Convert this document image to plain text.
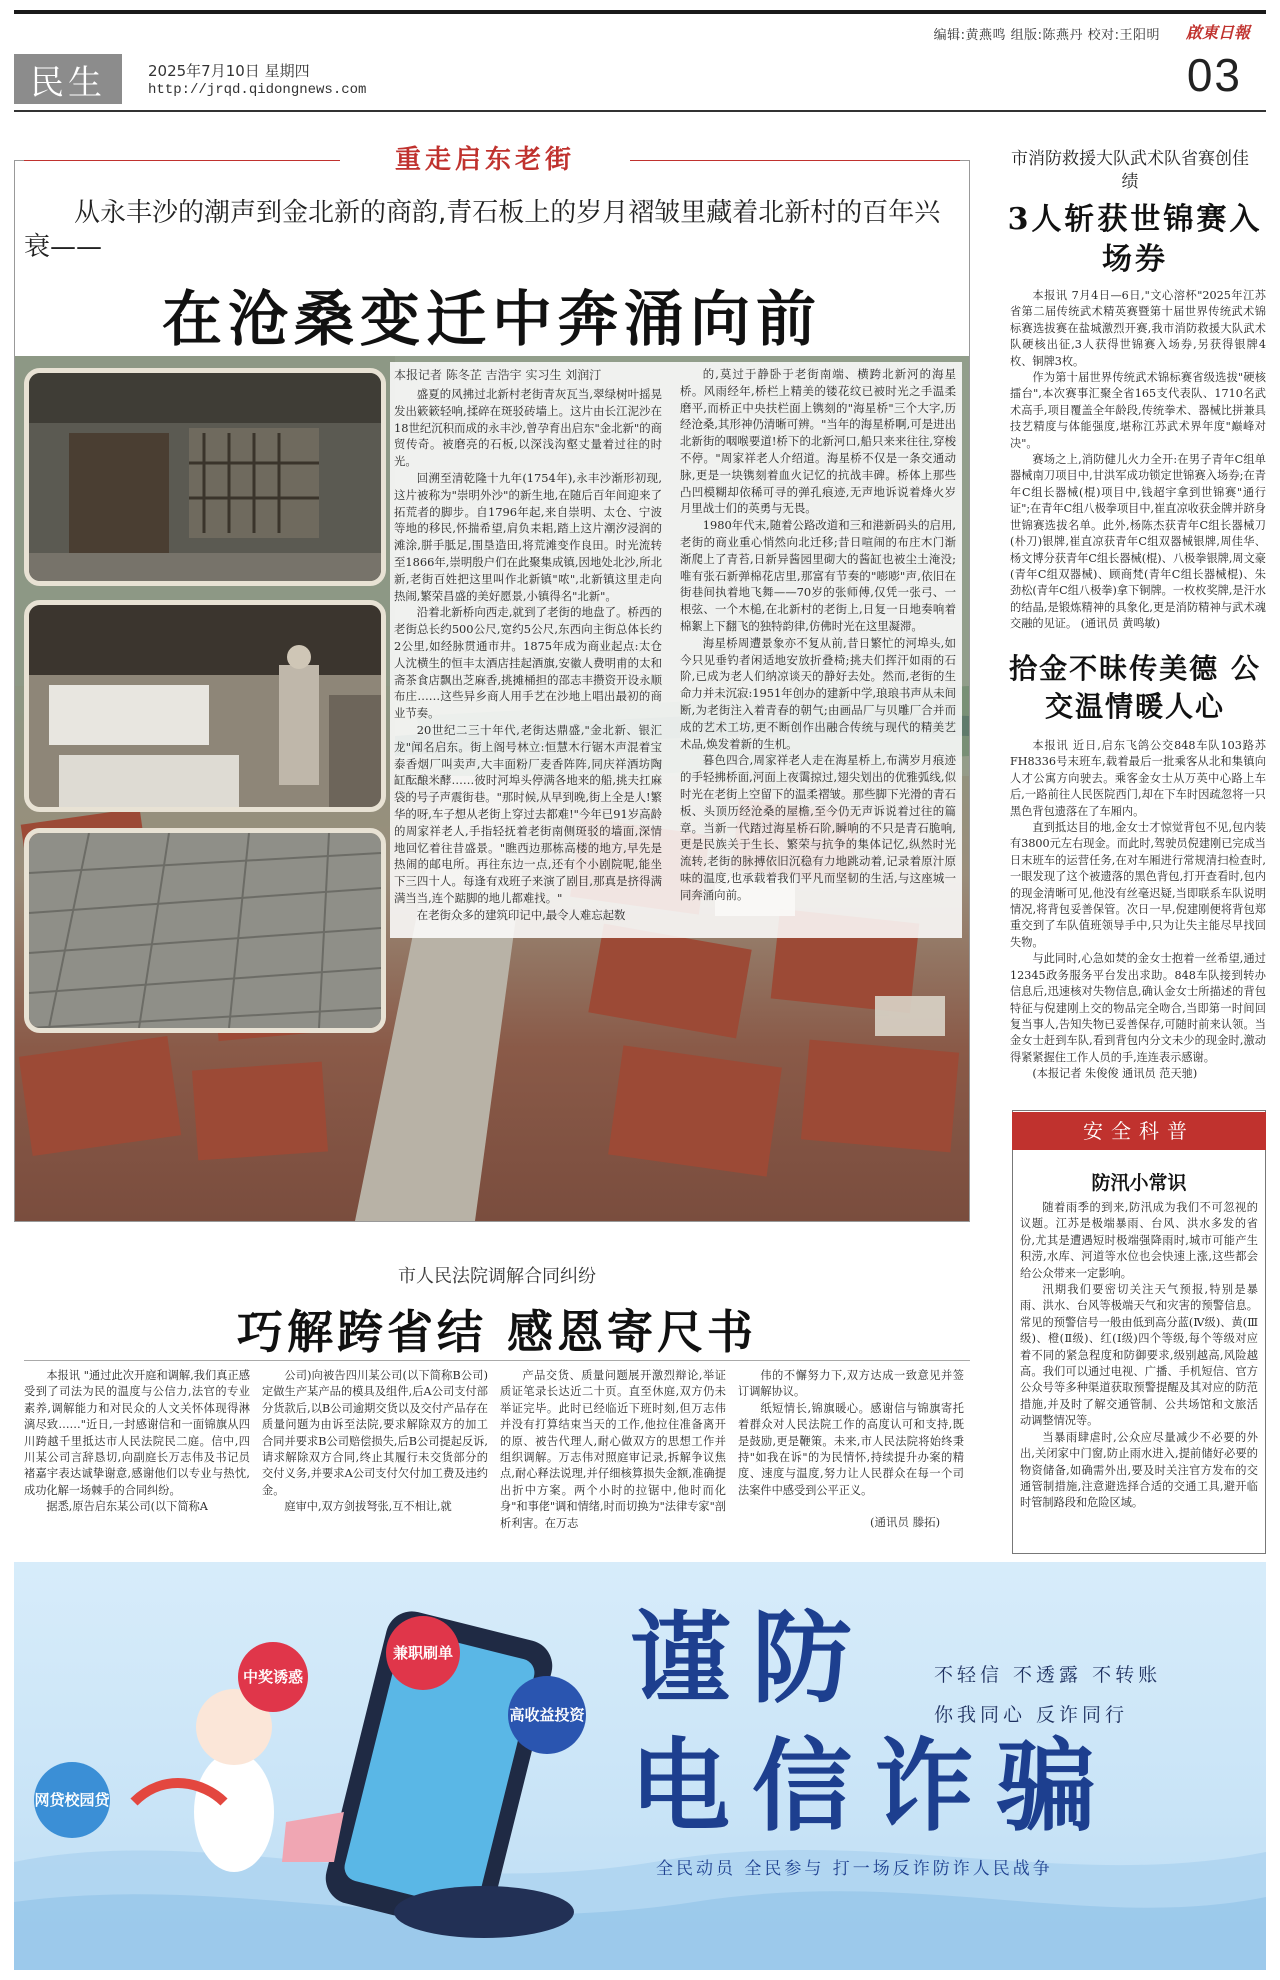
编辑:黄燕鸣 组版:陈燕丹 校对:王阳明 啟東日報
民生	2025年7月10日 星期四
http://jrqd.qidongnews.com	03
重走启东老街
从永丰沙的潮声到金北新的商韵,青石板上的岁月褶皱里藏着北新村的百年兴衰——
在沧桑变迁中奔涌向前
本报记者 陈冬芷 吉浩宇 实习生 刘润汀

盛夏的风拂过北新村老街青灰瓦当,翠绿树叶摇晃发出簌簌轻响,揉碎在斑驳砖墙上。这片由长江泥沙在18世纪沉积而成的永丰沙,曾孕育出启东"金北新"的商贸传奇。被磨亮的石板,以深浅沟壑丈量着过往的时光。

回溯至清乾隆十九年(1754年),永丰沙渐形初现,这片被称为"崇明外沙"的新生地,在随后百年间迎来了拓荒者的脚步。自1796年起,来自崇明、太仓、宁波等地的移民,怀揣希望,肩负耒耜,踏上这片潮汐浸润的滩涂,胼手胝足,围垦造田,将荒滩变作良田。时光流转至1866年,崇明殷户们在此聚集成镇,因地处北沙,所北新,老街百姓把这里叫作北新镇"哝",北新镇这里走向热闹,繁荣昌盛的美好愿景,小镇得名"北新"。

沿着北新桥向西走,就到了老街的地盘了。桥西的老街总长约500公尺,宽约5公尺,东西向主街总体长约2公里,如经脉贯通市井。1875年成为商业起点:太仓人沈横生的恒丰太酒店挂起酒旗,安徽人费明甫的太和斋茶食店飘出芝麻香,挑摊桶担的邵志丰攒资开设永顺布庄……这些异乡商人用手艺在沙地上唱出最初的商业节奏。

20世纪二三十年代,老街达鼎盛,"金北新、银汇龙"闻名启东。街上阁号林立:恒慧木行锯木声混着宝泰香烟厂叫卖声,大丰面粉厂麦香阵阵,同庆祥酒坊陶缸酝酿米酵……彼时河埠头停满各地来的船,挑夫扛麻袋的号子声震街巷。"那时候,从早到晚,街上全是人!繁华的呀,车子想从老街上穿过去都难!"今年已91岁高龄的周家祥老人,手指轻抚着老街南侧斑驳的墙面,深情地回忆着往昔盛景。"瞧西边那栋高楼的地方,早先是热闹的邮电所。再往东边一点,还有个小剧院呢,能坐下三四十人。每逢有戏班子来演了剧目,那真是挤得满满当当,连个踮脚的地儿都难找。"

在老街众多的建筑印记中,最令人难忘起数

的,莫过于静卧于老街南端、横跨北新河的海星桥。风雨经年,桥栏上精美的镂花纹已被时光之手温柔磨平,而桥正中央扶栏面上镌刻的"海星桥"三个大字,历经沧桑,其形神仍清晰可辨。"当年的海星桥啊,可是进出北新街的咽喉要道!桥下的北新河口,船只来来往往,穿梭不停。"周家祥老人介绍道。海星桥不仅是一条交通动脉,更是一块镌刻着血火记忆的抗战丰碑。桥体上那些凸凹模糊却依稀可寻的弹孔痕迹,无声地诉说着烽火岁月里战士们的英勇与无畏。

1980年代末,随着公路改道和三和港新码头的启用,老街的商业重心悄然向北迁移;昔日喧闹的布庄木门渐渐爬上了青苔,日新异酱园里砌大的酱缸也被尘土淹没;唯有张石新弹棉花店里,那富有节奏的"嘭嘭"声,依旧在街巷间执着地飞舞——70岁的张师傅,仅凭一张弓、一根弦、一个木槌,在北新村的老街上,日复一日地奏响着棉絮上下翻飞的独特韵律,仿佛时光在这里凝滞。

海星桥周遭景象亦不复从前,昔日繁忙的河埠头,如今只见垂钓者闲适地安放折叠椅;挑夫们挥汗如雨的石阶,已成为老人们纳凉谈天的静好去处。然而,老街的生命力并未沉寂:1951年创办的建新中学,琅琅书声从未间断,为老街注入着青春的朝气;由画品厂与贝雕厂合并而成的艺术工坊,更不断创作出融合传统与现代的精美艺术品,焕发着新的生机。

暮色四合,周家祥老人走在海星桥上,布满岁月痕迹的手轻拂桥面,河面上夜霭掠过,翅尖划出的优雅弧线,似时光在老街上空留下的温柔褶皱。那些脚下光滑的青石板、头顶历经沧桑的屋檐,至今仍无声诉说着过往的篇章。当新一代踏过海星桥石阶,瞬响的不只是青石脆响,更是民族关于生长、繁荣与抗争的集体记忆,纵然时光流转,老街的脉搏依旧沉稳有力地跳动着,记录着原汁原味的温度,也承载着我们平凡而坚韧的生活,与这座城一同奔涌向前。

市消防救援大队武术队省赛创佳绩
3人斩获世锦赛入场券

本报讯 7月4日—6日,"文心溶杯"2025年江苏省第二届传统武术精英赛暨第十届世界传统武术锦标赛选拔赛在盐城激烈开赛,我市消防救援大队武术队硬核出征,3人获得世锦赛入场券,另获得银牌4枚、铜牌3枚。

作为第十届世界传统武术锦标赛省级选拔"硬核擂台",本次赛事汇聚全省165支代表队、1710名武术高手,项目覆盖全年龄段,传统拳术、器械比拼兼具技艺精度与体能强度,堪称江苏武术界年度"巅峰对决"。

赛场之上,消防健儿火力全开:在男子青年C组单器械南刀项目中,甘洪军成功锁定世锦赛入场券;在青年C组长器械(棍)项目中,钱超宇拿到世锦赛"通行证";在青年C组八极拳项目中,崔直凉收获金牌并跻身世锦赛选拔名单。此外,杨陈杰获青年C组长器械刀(朴刀)银牌,崔直凉获青年C组双器械银牌,周佳华、杨文博分获青年C组长器械(棍)、八极拳银牌,周文豪(青年C组双器械)、顾商梵(青年C组长器械棍)、朱劲松(青年C组八极拳)拿下铜牌。一枚枚奖牌,是汗水的结晶,是锻炼精神的具象化,更是消防精神与武术魂交融的见证。 (通讯员 黄鸣敏)

拾金不昧传美德 公交温情暖人心

本报讯 近日,启东飞鸽公交848车队103路苏FH8336号末班车,载着最后一批乘客从北和集镇向人才公寓方向驶去。乘客金女士从万英中心路上车后,一路前往人民医院西门,却在下车时因疏忽将一只黑色背包遗落在了车厢内。

直到抵达目的地,金女士才惊觉背包不见,包内装有3800元左右现金。而此时,驾驶员倪建刚已完成当日末班车的运营任务,在对车厢进行常规清扫检查时,一眼发现了这个被遗落的黑色背包,打开查看时,包内的现金清晰可见,他没有丝毫迟疑,当即联系车队说明情况,将背包妥善保管。次日一早,倪建刚便将背包郑重交到了车队值班领导手中,只为让失主能尽早找回失物。

与此同时,心急如焚的金女士抱着一丝希望,通过12345政务服务平台发出求助。848车队接到转办信息后,迅速核对失物信息,确认金女士所描述的背包特征与倪建刚上交的物品完全吻合,当即第一时间回复当事人,告知失物已妥善保存,可随时前来认领。当金女士赶到车队,看到背包内分文未少的现金时,激动得紧紧握住工作人员的手,连连表示感谢。

(本报记者 朱俊俊 通讯员 范天驰)

安全科普
防汛小常识

随着雨季的到来,防汛成为我们不可忽视的议题。江苏是极端暴雨、台风、洪水多发的省份,尤其是遭遇短时极端强降雨时,城市可能产生积涝,水库、河道等水位也会快速上涨,这些都会给公众带来一定影响。

汛期我们要密切关注天气预报,特别是暴雨、洪水、台风等极端天气和灾害的预警信息。常见的预警信号一般由低到高分蓝(Ⅳ级)、黄(Ⅲ级)、橙(Ⅱ级)、红(Ⅰ级)四个等级,每个等级对应着不同的紧急程度和防御要求,级别越高,风险越高。我们可以通过电视、广播、手机短信、官方公众号等多种渠道获取预警提醒及其对应的防范措施,并及时了解交通管制、公共场馆和文旅活动调整情况等。

当暴雨肆虐时,公众应尽量减少不必要的外出,关闭家中门窗,防止雨水进入,提前储好必要的物资储备,如确需外出,要及时关注官方发布的交通管制措施,注意避选择合适的交通工具,避开临时管制路段和危险区域。

市人民法院调解合同纠纷
巧解跨省结 感恩寄尺书

本报讯 "通过此次开庭和调解,我们真正感受到了司法为民的温度与公信力,法官的专业素养,调解能力和对民众的人文关怀体现得淋漓尽致……"近日,一封感谢信和一面锦旗从四川跨越千里抵达市人民法院民二庭。信中,四川某公司言辞恳切,向副庭长万志伟及书记员褚嘉宇表达诚挚谢意,感谢他们以专业与热忱,成功化解一场棘手的合同纠纷。

据悉,原告启东某公司(以下简称A

公司)向被告四川某公司(以下简称B公司)定做生产某产品的模具及组件,后A公司支付部分货款后,以B公司逾期交货以及交付产品存在质量问题为由诉至法院,要求解除双方的加工合同并要求B公司赔偿损失,后B公司提起反诉,请求解除双方合同,终止其履行未交货部分的交付义务,并要求A公司支付欠付加工费及违约金。

庭审中,双方剑拔弩张,互不相让,就

产品交货、质量问题展开激烈辩论,举证质证笔录长达近二十页。直至休庭,双方仍未举证完毕。此时已经临近下班时刻,但万志伟并没有打算结束当天的工作,他拉住准备离开的原、被告代理人,耐心做双方的思想工作并组织调解。万志伟对照庭审记录,拆解争议焦点,耐心释法说理,并仔细核算损失金额,准确提出折中方案。两个小时的拉锯中,他时而化身"和事佬"调和情绪,时而切换为"法律专家"剖析利害。在万志

伟的不懈努力下,双方达成一致意见并签订调解协议。

纸短情长,锦旗暖心。感谢信与锦旗寄托着群众对人民法院工作的高度认可和支持,既是鼓励,更是鞭策。未来,市人民法院将始终秉持"如我在诉"的为民情怀,持续提升办案的精度、速度与温度,努力让人民群众在每一个司法案件中感受到公平正义。

(通讯员 滕拓)
中奖诱惑
兼职刷单
高收益投资
网贷校园贷
谨防
电信诈骗
不轻信 不透露 不转账
你我同心 反诈同行
全民动员 全民参与 打一场反诈防诈人民战争
